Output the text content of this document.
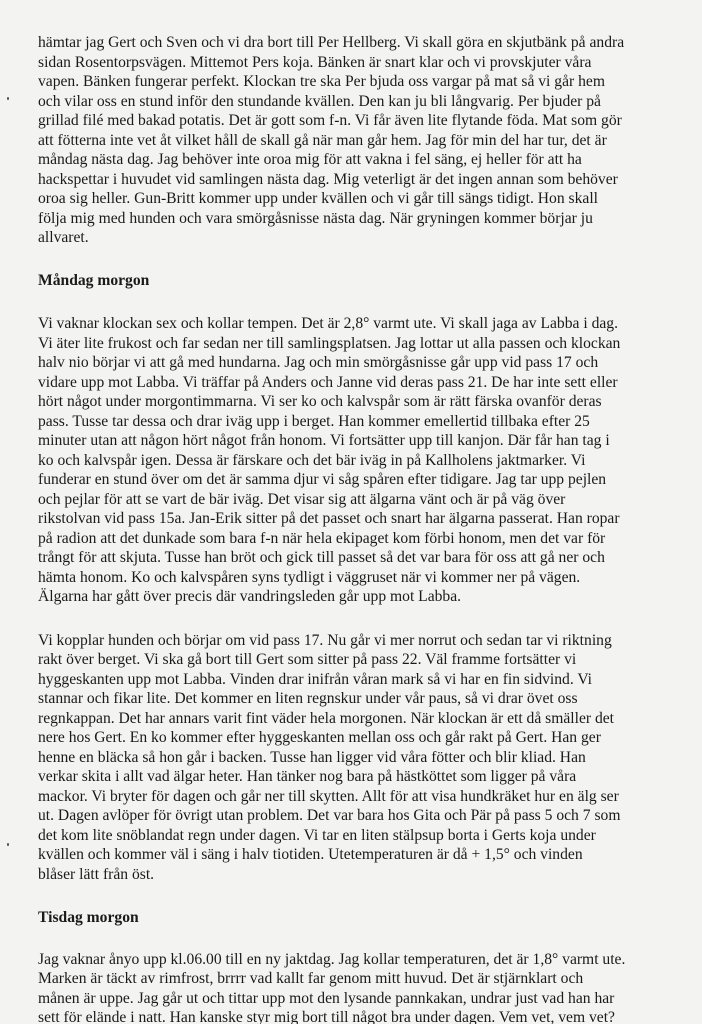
hämtar jag Gert och Sven och vi dra bort till Per Hellberg. Vi skall göra en skjutbänk på andra
sidan Rosentorpsvägen. Mittemot Pers koja. Bänken är snart klar och vi provskjuter våra
vapen. Bänken fungerar perfekt. Klockan tre ska Per bjuda oss vargar på mat så vi går hem
och vilar oss en stund inför den stundande kvällen. Den kan ju bli långvarig. Per bjuder på
grillad filé med bakad potatis. Det är gott som f-n. Vi får även lite flytande föda. Mat som gör
att fötterna inte vet åt vilket håll de skall gå när man går hem. Jag för min del har tur, det är
måndag nästa dag. Jag behöver inte oroa mig för att vakna i fel säng, ej heller för att ha
hackspettar i huvudet vid samlingen nästa dag. Mig veterligt är det ingen annan som behöver
oroa sig heller. Gun-Britt kommer upp under kvällen och vi går till sängs tidigt. Hon skall
följa mig med hunden och vara smörgåsnisse nästa dag. När gryningen kommer börjar ju
allvaret.

Måndag morgon

Vi vaknar klockan sex och kollar tempen. Det är 2,8° varmt ute. Vi skall jaga av Labba i dag.
Vi äter lite frukost och far sedan ner till samlingsplatsen. Jag lottar ut alla passen och klockan
halv nio börjar vi att gå med hundarna. Jag och min smörgåsnisse går upp vid pass 17 och
vidare upp mot Labba. Vi träffar på Anders och Janne vid deras pass 21. De har inte sett eller
hört något under morgontimmarna. Vi ser ko och kalvspår som är rätt färska ovanför deras
pass. Tusse tar dessa och drar iväg upp i berget. Han kommer emellertid tillbaka efter 25
minuter utan att någon hört något från honom. Vi fortsätter upp till kanjon. Där får han tag i
ko och kalvspår igen. Dessa är färskare och det bär iväg in på Kallholens jaktmarker. Vi
funderar en stund över om det är samma djur vi såg spåren efter tidigare. Jag tar upp pejlen
och pejlar för att se vart de bär iväg. Det visar sig att älgarna vänt och är på väg över
rikstolvan vid pass 15a. Jan-Erik sitter på det passet och snart har älgarna passerat. Han ropar
på radion att det dunkade som bara f-n när hela ekipaget kom förbi honom, men det var för
trångt för att skjuta. Tusse han bröt och gick till passet så det var bara för oss att gå ner och
hämta honom. Ko och kalvspåren syns tydligt i väggruset när vi kommer ner på vägen.
Älgarna har gått över precis där vandringsleden går upp mot Labba.

Vi kopplar hunden och börjar om vid pass 17. Nu går vi mer norrut och sedan tar vi riktning
rakt över berget. Vi ska gå bort till Gert som sitter på pass 22. Väl framme fortsätter vi
hyggeskanten upp mot Labba. Vinden drar inifrån våran mark så vi har en fin sidvind. Vi
stannar och fikar lite. Det kommer en liten regnskur under vår paus, så vi drar övet oss
regnkappan. Det har annars varit fint väder hela morgonen. När klockan är ett då smäller det
nere hos Gert. En ko kommer efter hyggeskanten mellan oss och går rakt på Gert. Han ger
henne en bläcka så hon går i backen. Tusse han ligger vid våra fötter och blir kliad. Han
verkar skita i allt vad älgar heter. Han tänker nog bara på hästköttet som ligger på våra
mackor. Vi bryter för dagen och går ner till skytten. Allt för att visa hundkräket hur en älg ser
ut. Dagen avlöper för övrigt utan problem. Det var bara hos Gita och Pär på pass 5 och 7 som
det kom lite snöblandat regn under dagen. Vi tar en liten stälpsup borta i Gerts koja under
kvällen och kommer väl i säng i halv tiotiden. Utetemperaturen är då + 1,5° och vinden
blåser lätt från öst.

Tisdag morgon

Jag vaknar ånyo upp kl.06.00 till en ny jaktdag. Jag kollar temperaturen, det är 1,8° varmt ute.
Marken är täckt av rimfrost, brrrr vad kallt far genom mitt huvud. Det är stjärnklart och
månen är uppe. Jag går ut och tittar upp mot den lysande pannkakan, undrar just vad han har
sett för elände i natt. Han kanske styr mig bort till något bra under dagen. Vem vet, vem vet?
